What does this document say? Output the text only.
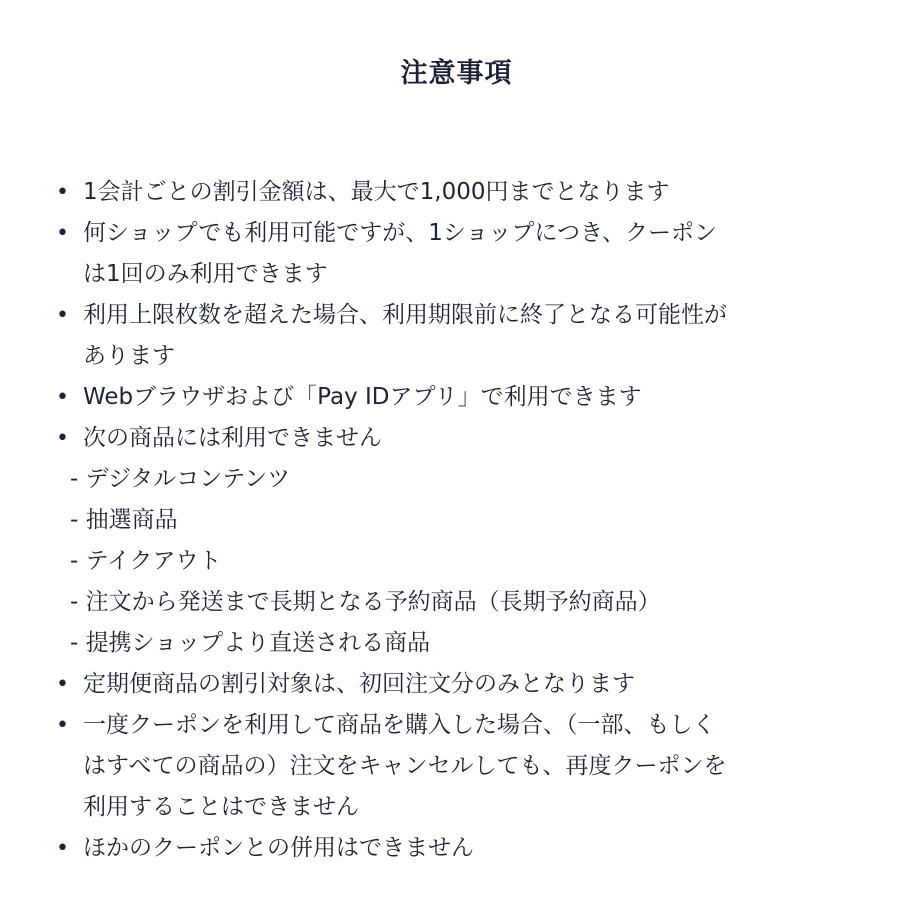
注意事項
• 1会計ごとの割引金額は、最大で1,000円までとなります
• 何ショップでも利用可能ですが、1ショップにつき、クーポン
は1回のみ利用できます
• 利用上限枚数を超えた場合、利用期限前に終了となる可能性が
あります
• Webブラウザおよび「Pay IDアプリ」で利用できます
• 次の商品には利用できません
- デジタルコンテンツ
- 抽選商品
- テイクアウト
- 注文から発送まで長期となる予約商品（長期予約商品）
- 提携ショップより直送される商品
• 定期便商品の割引対象は、初回注文分のみとなります
• 一度クーポンを利用して商品を購入した場合、（一部、もしく
はすべての商品の）注文をキャンセルしても、再度クーポンを
利用することはできません
• ほかのクーポンとの併用はできません
